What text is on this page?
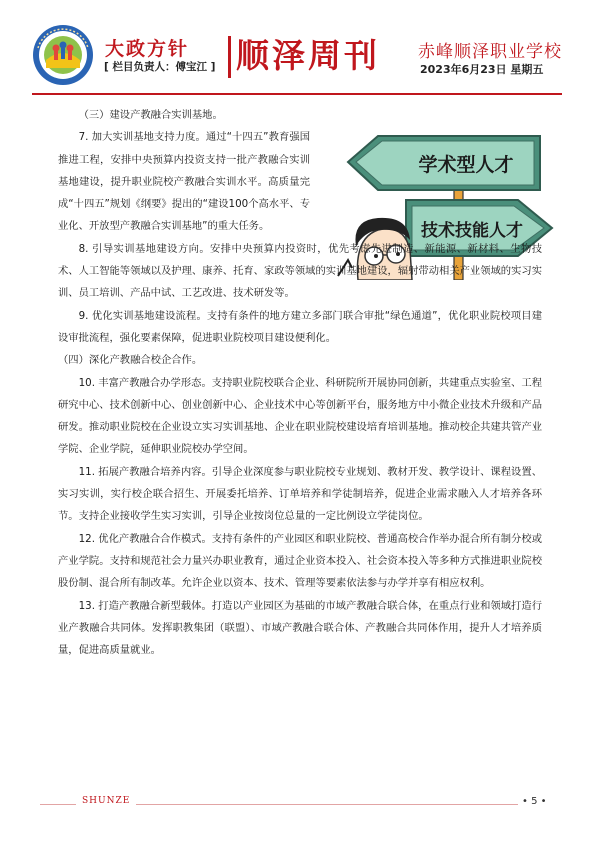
大政方针
[ 栏目负责人：傅宝江 ] 顺泽周刊 赤峰顺泽职业学校
2023年6月23日 星期五
学术型人才
技术技能人才

（三）建设产教融合实训基地。

7. 加大实训基地支持力度。通过“十四五”教育强国推进工程，安排中央预算内投资支持一批产教融合实训基地建设，提升职业院校产教融合实训水平。高质量完成“十四五”规划《纲要》提出的“建设100个高水平、专业化、开放型产教融合实训基地”的重大任务。

8. 引导实训基地建设方向。安排中央预算内投资时，优先考虑先进制造、新能源、新材料、生物技术、人工智能等领域以及护理、康养、托育、家政等领域的实训基地建设，辐射带动相关产业领域的实习实训、员工培训、产品中试、工艺改进、技术研发等。

9. 优化实训基地建设流程。支持有条件的地方建立多部门联合审批“绿色通道”，优化职业院校项目建设审批流程，强化要素保障，促进职业院校项目建设便利化。

（四）深化产教融合校企合作。

10. 丰富产教融合办学形态。支持职业院校联合企业、科研院所开展协同创新，共建重点实验室、工程研究中心、技术创新中心、创业创新中心、企业技术中心等创新平台，服务地方中小微企业技术升级和产品研发。推动职业院校在企业设立实习实训基地、企业在职业院校建设培育培训基地。推动校企共建共管产业学院、企业学院，延伸职业院校办学空间。

11. 拓展产教融合培养内容。引导企业深度参与职业院校专业规划、教材开发、教学设计、课程设置、实习实训，实行校企联合招生、开展委托培养、订单培养和学徒制培养，促进企业需求融入人才培养各环节。支持企业接收学生实习实训，引导企业按岗位总量的一定比例设立学徒岗位。

12. 优化产教融合合作模式。支持有条件的产业园区和职业院校、普通高校合作举办混合所有制分校或产业学院。支持和规范社会力量兴办职业教育，通过企业资本投入、社会资本投入等多种方式推进职业院校股份制、混合所有制改革。允许企业以资本、技术、管理等要素依法参与办学并享有相应权利。

13. 打造产教融合新型载体。打造以产业园区为基础的市域产教融合联合体，在重点行业和领域打造行业产教融合共同体。发挥职教集团（联盟）、市域产教融合联合体、产教融合共同体作用，提升人才培养质量，促进高质量就业。

SHUNZE	• 5 •
